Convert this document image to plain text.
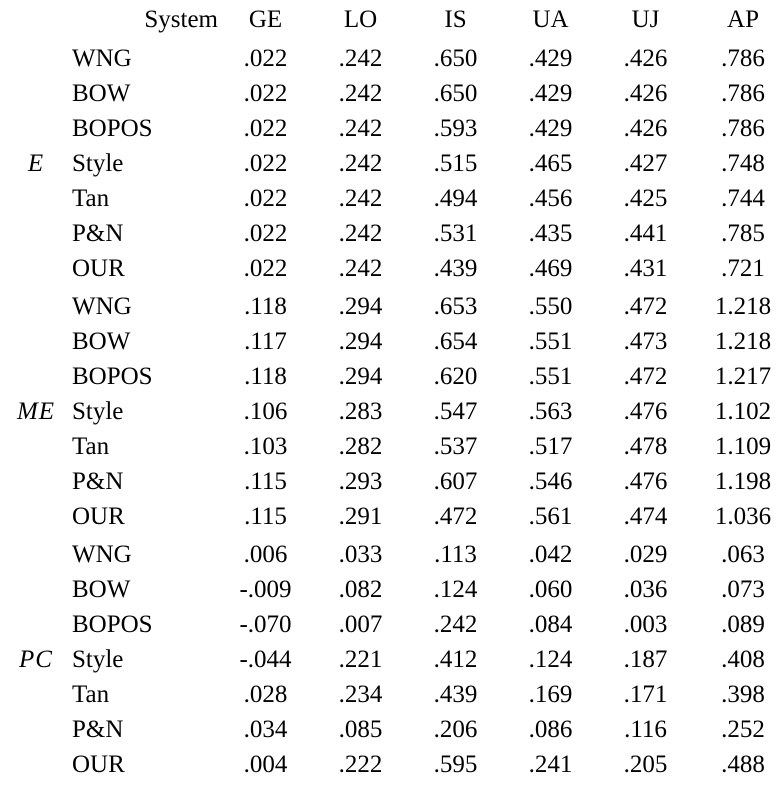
	System	GE	LO	IS	UA	UJ	AP

E	WNG	.022	.242	.650	.429	.426	.786
	BOW	.022	.242	.650	.429	.426	.786
	BOPOS	.022	.242	.593	.429	.426	.786
	Style	.022	.242	.515	.465	.427	.748
	Tan	.022	.242	.494	.456	.425	.744
	P&N	.022	.242	.531	.435	.441	.785
	OUR	.022	.242	.439	.469	.431	.721

ME	WNG	.118	.294	.653	.550	.472	1.218
	BOW	.117	.294	.654	.551	.473	1.218
	BOPOS	.118	.294	.620	.551	.472	1.217
	Style	.106	.283	.547	.563	.476	1.102
	Tan	.103	.282	.537	.517	.478	1.109
	P&N	.115	.293	.607	.546	.476	1.198
	OUR	.115	.291	.472	.561	.474	1.036

PC	WNG	.006	.033	.113	.042	.029	.063
	BOW	-.009	.082	.124	.060	.036	.073
	BOPOS	-.070	.007	.242	.084	.003	.089
	Style	-.044	.221	.412	.124	.187	.408
	Tan	.028	.234	.439	.169	.171	.398
	P&N	.034	.085	.206	.086	.116	.252
	OUR	.004	.222	.595	.241	.205	.488
